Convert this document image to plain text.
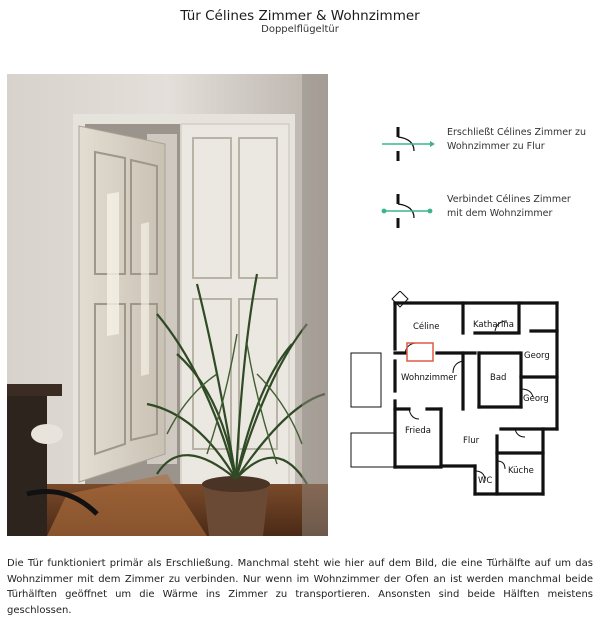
Tür Célines Zimmer & Wohnzimmer
Doppelflügeltür
Erschließt Célines Zimmer zu Wohnzimmer zu Flur
Verbindet Célines Zimmer mit dem Wohnzimmer
Céline	Katharina
Georg
Wohnzimmer	Bad
Georg
Frieda
Flur
Küche
WC
Die Tür funktioniert primär als Erschließung. Manchmal steht wie hier auf dem Bild, die eine Türhälfte auf um das Wohnzimmer mit dem Zimmer zu verbinden. Nur wenn im Wohnzimmer der Ofen an ist werden manchmal beide Türhälften geöffnet um die Wärme ins Zimmer zu transportieren. Ansonsten sind beide Hälften meistens geschlossen.
